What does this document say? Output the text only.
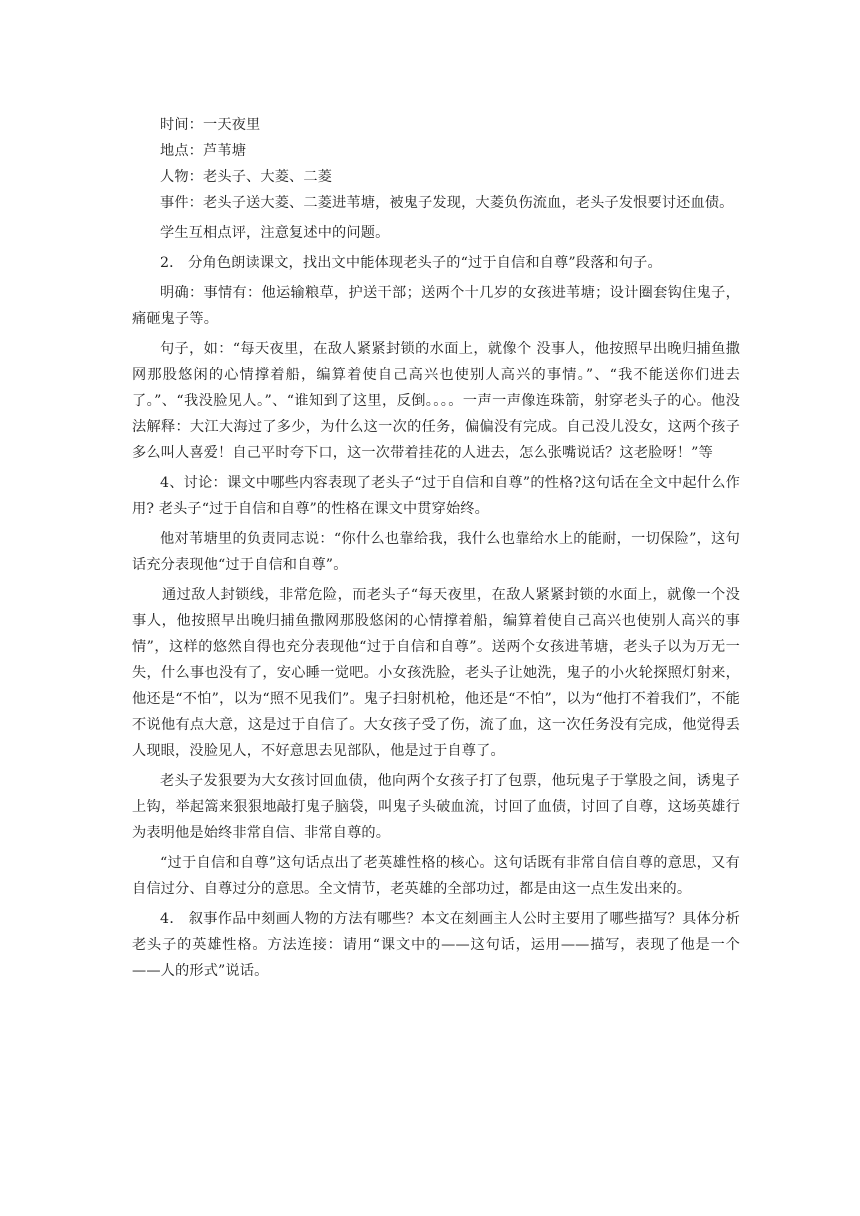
时间：一天夜里

地点：芦苇塘

人物：老头子、大菱、二菱

事件：老头子送大菱、二菱进苇塘，被鬼子发现，大菱负伤流血，老头子发恨要讨还血债。

学生互相点评，注意复述中的问题。

2． 分角色朗读课文，找出文中能体现老头子的“过于自信和自尊”段落和句子。

明确：事情有：他运输粮草，护送干部；送两个十几岁的女孩进苇塘；设计圈套钩住鬼子，痛砸鬼子等。

句子，如：“每天夜里，在敌人紧紧封锁的水面上，就像个 没事人，他按照早出晚归捕鱼撒网那股悠闲的心情撑着船，编算着使自己高兴也使别人高兴的事情。”、“我不能送你们进去了。”、“我没脸见人。”、“谁知到了这里，反倒。。。。一声一声像连珠箭，射穿老头子的心。他没法解释：大江大海过了多少，为什么这一次的任务，偏偏没有完成。自己没儿没女，这两个孩子多么叫人喜爱！自己平时夸下口，这一次带着挂花的人进去，怎么张嘴说话？这老脸呀！”等

4、讨论：课文中哪些内容表现了老头子“过于自信和自尊”的性格?这句话在全文中起什么作用? 老头子“过于自信和自尊”的性格在课文中贯穿始终。

他对苇塘里的负责同志说：“你什么也靠给我，我什么也靠给水上的能耐，一切保险”，这句话充分表现他“过于自信和自尊”。

通过敌人封锁线，非常危险，而老头子“每天夜里，在敌人紧紧封锁的水面上，就像一个没事人，他按照早出晚归捕鱼撒网那股悠闲的心情撑着船，编算着使自己高兴也使别人高兴的事情”，这样的悠然自得也充分表现他“过于自信和自尊”。送两个女孩进苇塘，老头子以为万无一失，什么事也没有了，安心睡一觉吧。小女孩洗脸，老头子让她洗，鬼子的小火轮探照灯射来，他还是“不怕”，以为“照不见我们”。鬼子扫射机枪，他还是“不怕”，以为“他打不着我们”，不能不说他有点大意，这是过于自信了。大女孩子受了伤，流了血，这一次任务没有完成，他觉得丢人现眼，没脸见人，不好意思去见部队，他是过于自尊了。

老头子发狠要为大女孩讨回血债，他向两个女孩子打了包票，他玩鬼子于掌股之间，诱鬼子上钩，举起篙来狠狠地敲打鬼子脑袋，叫鬼子头破血流，讨回了血债，讨回了自尊，这场英雄行为表明他是始终非常自信、非常自尊的。

“过于自信和自尊”这句话点出了老英雄性格的核心。这句话既有非常自信自尊的意思，又有自信过分、自尊过分的意思。全文情节，老英雄的全部功过，都是由这一点生发出来的。

4． 叙事作品中刻画人物的方法有哪些？本文在刻画主人公时主要用了哪些描写？具体分析老头子的英雄性格。方法连接：请用“课文中的——这句话，运用——描写，表现了他是一个——人的形式”说话。
